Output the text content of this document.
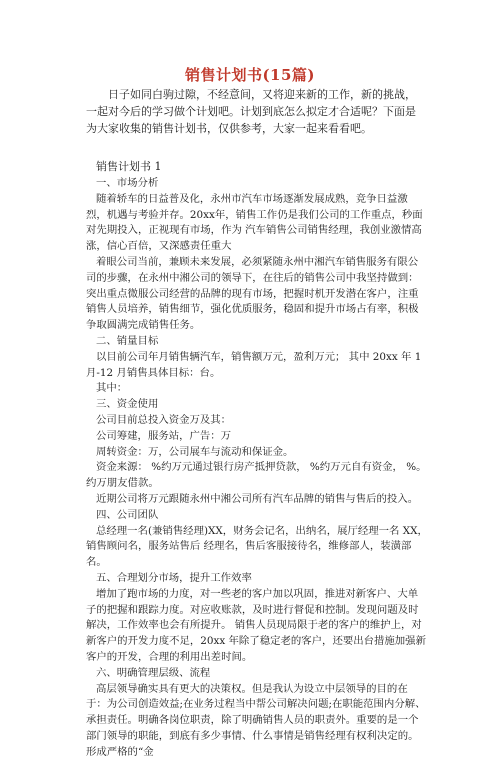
销售计划书(15篇)
日子如同白驹过隙，不经意间，又将迎来新的工作，新的挑战，一起对今后的学习做个计划吧。计划到底怎么拟定才合适呢？下面是为大家收集的销售计划书，仅供参考，大家一起来看看吧。
销售计划书 1

一、市场分析

随着轿车的日益普及化，永州市汽车市场逐渐发展成熟，竞争日益激烈，机遇与考验并存。20xx年，销售工作仍是我们公司的工作重点，秒面对先期投入，正视现有市场，作为 汽车销售公司销售经理，我创业激情高涨，信心百倍，又深感责任重大

着眼公司当前，兼顾未来发展，必须紧随永州中湘汽车销售服务有限公司的步骤，在永州中湘公司的领导下，在往后的销售公司中我坚持做到：突出重点微服公司经营的品牌的现有市场，把握时机开发潜在客户，注重销售人员培养，销售细节，强化优质服务，稳固和提升市场占有率，积极争取圆满完成销售任务。

二、销量目标

以目前公司年月销售辆汽车，销售额万元，盈利万元； 其中 20xx 年 1月-12 月销售具体目标：台。

其中：

三、资金使用

公司目前总投入资金万及其：

公司筹建，服务站，广告：万

周转资金：万，公司展车与流动和保证金。

资金来源： %约万元通过银行房产抵押贷款， %约万元自有资金， %。约万朋友借款。

近期公司将万元跟随永州中湘公司所有汽车品牌的销售与售后的投入。

四、公司团队

总经理一名(兼销售经理)XX，财务会记名，出纳名，展厅经理一名 XX，销售顾问名，服务站售后 经理名，售后客服接待名，维修部人，装潢部名。

五、合理划分市场，提升工作效率

增加了跑市场的力度，对一些老的客户加以巩固，推进对新客户、大单子的把握和跟踪力度。对应收账款，及时进行督促和控制。发现问题及时解决，工作效率也会有所提升。 销售人员现局限于老的客户的维护上，对新客户的开发力度不足，20xx 年除了稳定老的客户，还要出台措施加强新客户的开发，合理的利用出差时间。

六、明确管理层级、流程

高层领导确实具有更大的决策权。但是我认为设立中层领导的目的在于：为公司创造效益;在业务过程当中帮公司解决问题;在职能范围内分解、承担责任。明确各岗位职责，除了明确销售人员的职责外。重要的是一个部门领导的职能，到底有多少事情、什么事情是销售经理有权利决定的。形成严格的“金
